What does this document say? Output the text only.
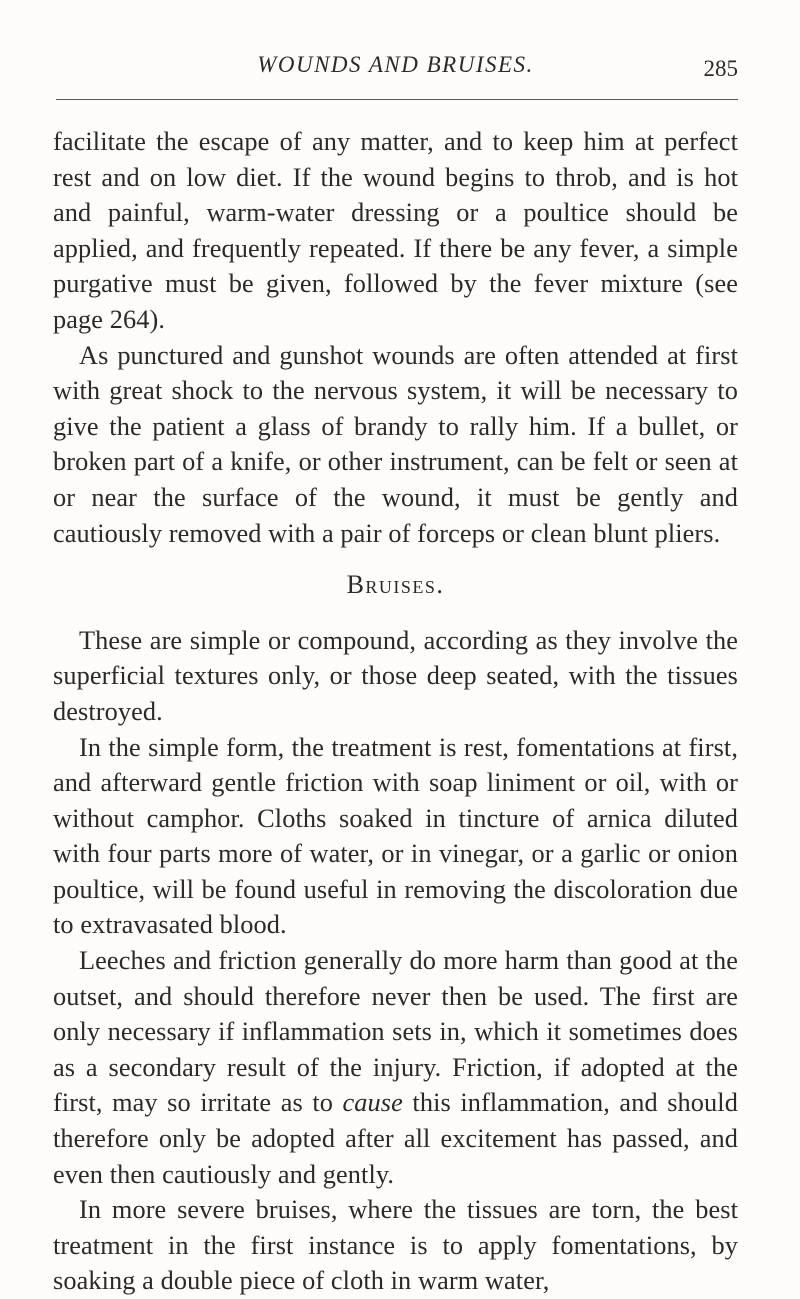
WOUNDS AND BRUISES.	285

facilitate the escape of any matter, and to keep him at perfect rest and on low diet. If the wound begins to throb, and is hot and painful, warm-water dressing or a poultice should be applied, and frequently repeated. If there be any fever, a simple purgative must be given, followed by the fever mixture (see page 264).

As punctured and gunshot wounds are often attended at first with great shock to the nervous system, it will be necessary to give the patient a glass of brandy to rally him. If a bullet, or broken part of a knife, or other instrument, can be felt or seen at or near the surface of the wound, it must be gently and cautiously removed with a pair of forceps or clean blunt pliers.

Bruises.

These are simple or compound, according as they involve the superficial textures only, or those deep seated, with the tissues destroyed.

In the simple form, the treatment is rest, fomentations at first, and afterward gentle friction with soap liniment or oil, with or without camphor. Cloths soaked in tincture of arnica diluted with four parts more of water, or in vinegar, or a garlic or onion poultice, will be found useful in removing the discoloration due to extravasated blood.

Leeches and friction generally do more harm than good at the outset, and should therefore never then be used. The first are only necessary if inflammation sets in, which it sometimes does as a secondary result of the injury. Friction, if adopted at the first, may so irritate as to cause this inflammation, and should therefore only be adopted after all excitement has passed, and even then cautiously and gently.

In more severe bruises, where the tissues are torn, the best treatment in the first instance is to apply fomentations, by soaking a double piece of cloth in warm water,
